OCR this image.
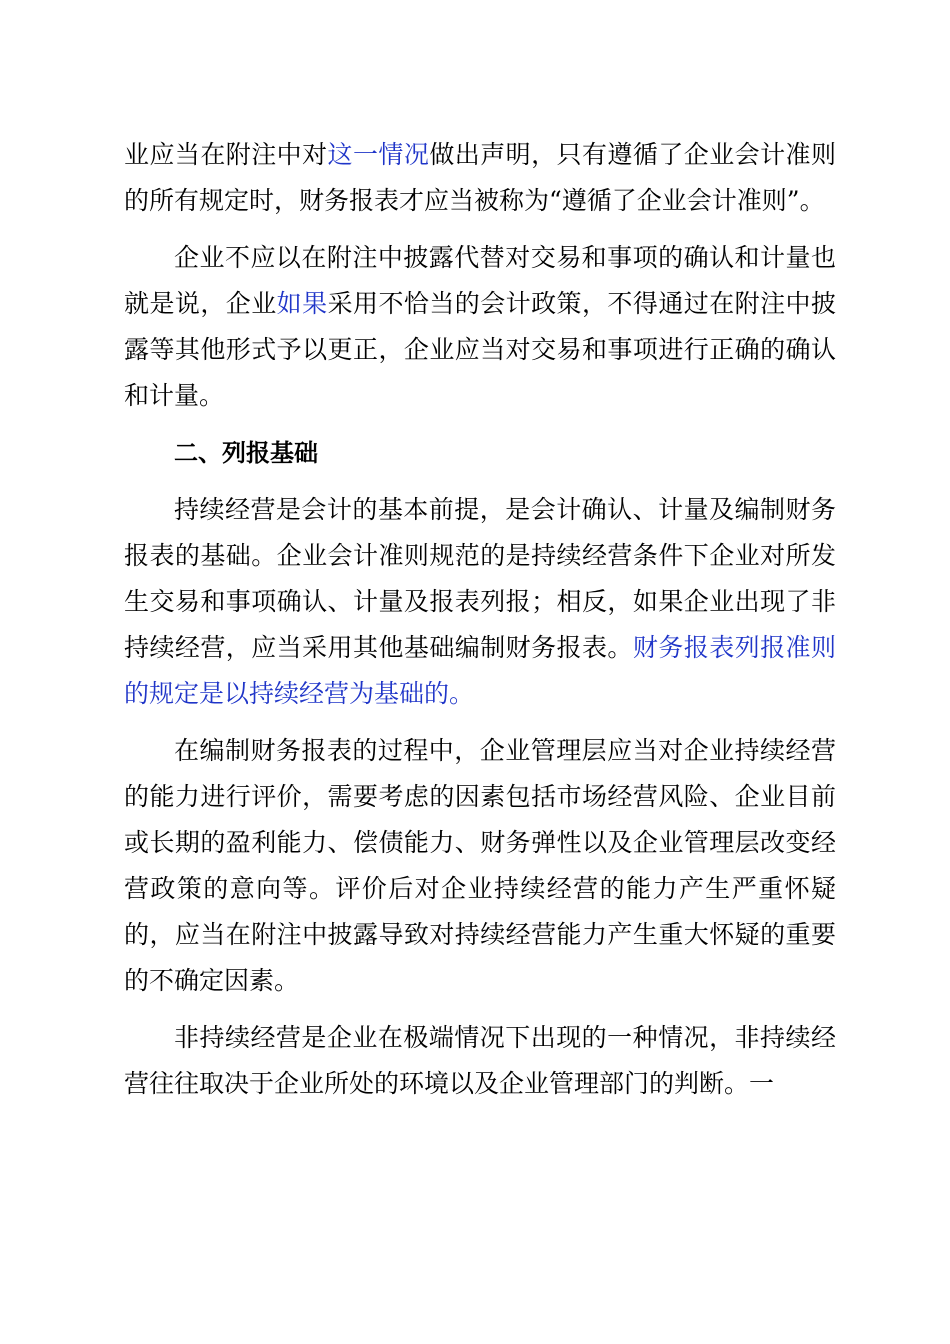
业应当在附注中对这一情况做出声明，只有遵循了企业会计准则的所有规定时，财务报表才应当被称为“遵循了企业会计准则”。

企业不应以在附注中披露代替对交易和事项的确认和计量也就是说，企业如果采用不恰当的会计政策，不得通过在附注中披露等其他形式予以更正，企业应当对交易和事项进行正确的确认和计量。

二、列报基础

持续经营是会计的基本前提，是会计确认、计量及编制财务报表的基础。企业会计准则规范的是持续经营条件下企业对所发生交易和事项确认、计量及报表列报；相反，如果企业出现了非持续经营，应当采用其他基础编制财务报表。财务报表列报准则的规定是以持续经营为基础的。

在编制财务报表的过程中，企业管理层应当对企业持续经营的能力进行评价，需要考虑的因素包括市场经营风险、企业目前或长期的盈利能力、偿债能力、财务弹性以及企业管理层改变经营政策的意向等。评价后对企业持续经营的能力产生严重怀疑的，应当在附注中披露导致对持续经营能力产生重大怀疑的重要的不确定因素。

非持续经营是企业在极端情况下出现的一种情况，非持续经营往往取决于企业所处的环境以及企业管理部门的判断。一
